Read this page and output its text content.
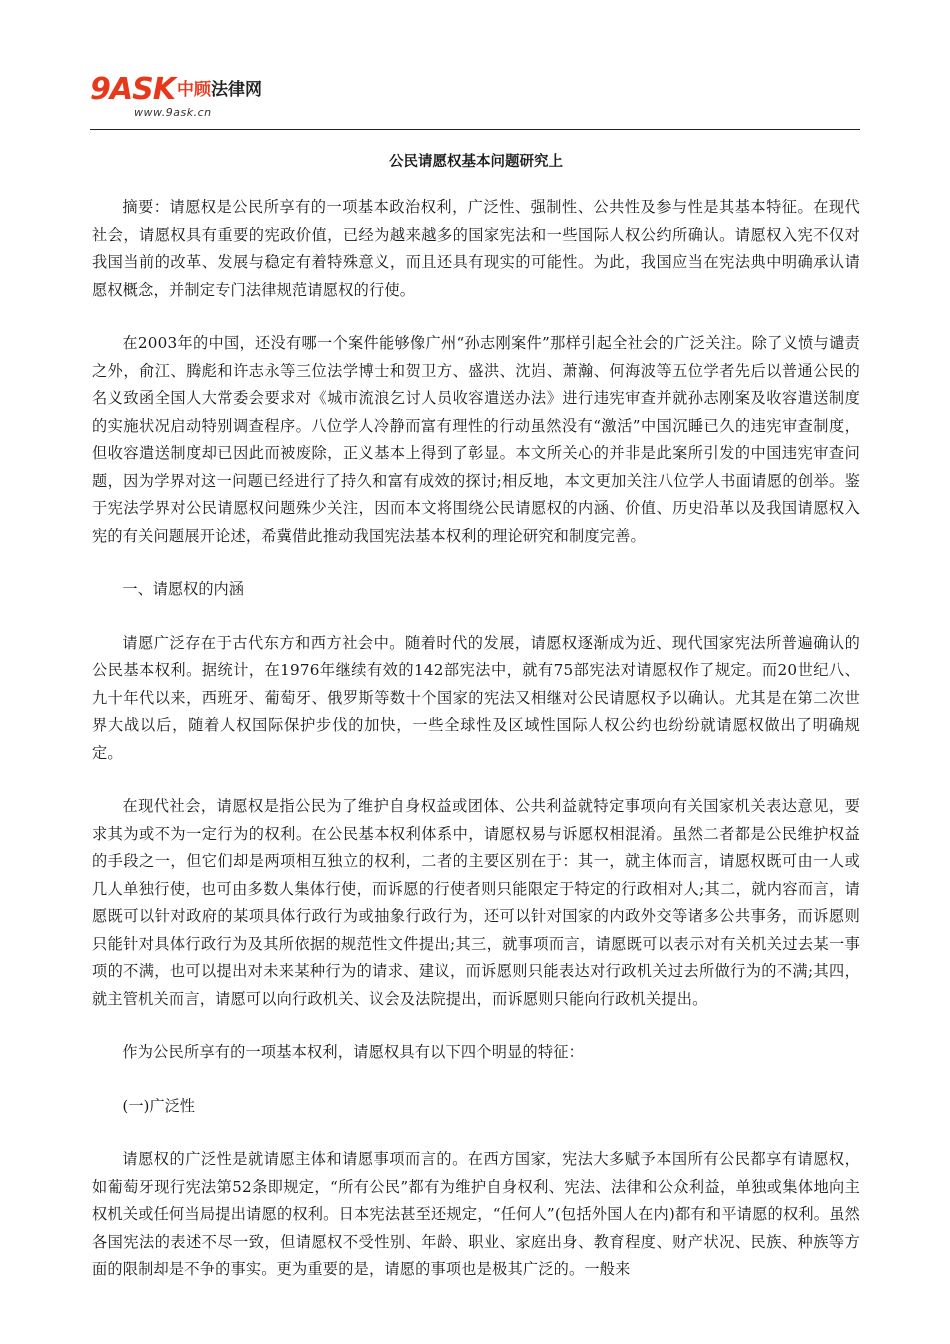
9ASK 中顾法律网
www.9ask.cn
公民请愿权基本问题研究上

摘要：请愿权是公民所享有的一项基本政治权利，广泛性、强制性、公共性及参与性是其基本特征。在现代社会，请愿权具有重要的宪政价值，已经为越来越多的国家宪法和一些国际人权公约所确认。请愿权入宪不仅对我国当前的改革、发展与稳定有着特殊意义，而且还具有现实的可能性。为此，我国应当在宪法典中明确承认请愿权概念，并制定专门法律规范请愿权的行使。

在2003年的中国，还没有哪一个案件能够像广州“孙志刚案件”那样引起全社会的广泛关注。除了义愤与谴责之外，俞江、腾彪和许志永等三位法学博士和贺卫方、盛洪、沈岿、萧瀚、何海波等五位学者先后以普通公民的名义致函全国人大常委会要求对《城市流浪乞讨人员收容遣送办法》进行违宪审查并就孙志刚案及收容遣送制度的实施状况启动特别调查程序。八位学人冷静而富有理性的行动虽然没有“激活”中国沉睡已久的违宪审查制度，但收容遣送制度却已因此而被废除，正义基本上得到了彰显。本文所关心的并非是此案所引发的中国违宪审查问题，因为学界对这一问题已经进行了持久和富有成效的探讨;相反地，本文更加关注八位学人书面请愿的创举。鉴于宪法学界对公民请愿权问题殊少关注，因而本文将围绕公民请愿权的内涵、价值、历史沿革以及我国请愿权入宪的有关问题展开论述，希冀借此推动我国宪法基本权利的理论研究和制度完善。

一、请愿权的内涵

请愿广泛存在于古代东方和西方社会中。随着时代的发展，请愿权逐渐成为近、现代国家宪法所普遍确认的公民基本权利。据统计，在1976年继续有效的142部宪法中，就有75部宪法对请愿权作了规定。而20世纪八、九十年代以来，西班牙、葡萄牙、俄罗斯等数十个国家的宪法又相继对公民请愿权予以确认。尤其是在第二次世界大战以后，随着人权国际保护步伐的加快，一些全球性及区域性国际人权公约也纷纷就请愿权做出了明确规定。

在现代社会，请愿权是指公民为了维护自身权益或团体、公共利益就特定事项向有关国家机关表达意见，要求其为或不为一定行为的权利。在公民基本权利体系中，请愿权易与诉愿权相混淆。虽然二者都是公民维护权益的手段之一，但它们却是两项相互独立的权利，二者的主要区别在于：其一，就主体而言，请愿权既可由一人或几人单独行使，也可由多数人集体行使，而诉愿的行使者则只能限定于特定的行政相对人;其二，就内容而言，请愿既可以针对政府的某项具体行政行为或抽象行政行为，还可以针对国家的内政外交等诸多公共事务，而诉愿则只能针对具体行政行为及其所依据的规范性文件提出;其三，就事项而言，请愿既可以表示对有关机关过去某一事项的不满，也可以提出对未来某种行为的请求、建议，而诉愿则只能表达对行政机关过去所做行为的不满;其四，就主管机关而言，请愿可以向行政机关、议会及法院提出，而诉愿则只能向行政机关提出。

作为公民所享有的一项基本权利，请愿权具有以下四个明显的特征：

(一)广泛性

请愿权的广泛性是就请愿主体和请愿事项而言的。在西方国家，宪法大多赋予本国所有公民都享有请愿权，如葡萄牙现行宪法第52条即规定，“所有公民”都有为维护自身权利、宪法、法律和公众利益，单独或集体地向主权机关或任何当局提出请愿的权利。日本宪法甚至还规定，“任何人”(包括外国人在内)都有和平请愿的权利。虽然各国宪法的表述不尽一致，但请愿权不受性别、年龄、职业、家庭出身、教育程度、财产状况、民族、种族等方面的限制却是不争的事实。更为重要的是，请愿的事项也是极其广泛的。一般来
